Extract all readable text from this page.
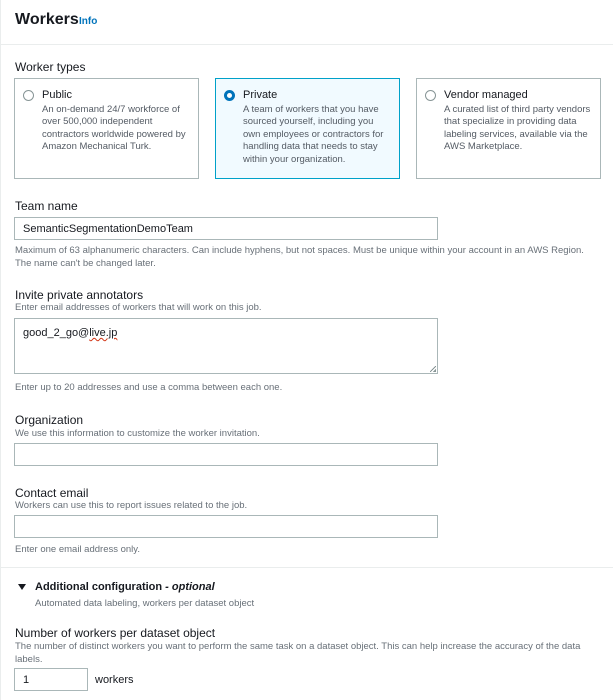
Workers Info
Worker types
Public
An on-demand 24/7 workforce of over 500,000 independent contractors worldwide powered by Amazon Mechanical Turk.
Private
A team of workers that you have sourced yourself, including you own employees or contractors for handling data that needs to stay within your organization.
Vendor managed
A curated list of third party vendors that specialize in providing data labeling services, available via the AWS Marketplace.
Team name
SemanticSegmentationDemoTeam
Maximum of 63 alphanumeric characters. Can include hyphens, but not spaces. Must be unique within your account in an AWS Region. The name can't be changed later.
Invite private annotators
Enter email addresses of workers that will work on this job.
good_2_go@live.jp
Enter up to 20 addresses and use a comma between each one.
Organization
We use this information to customize the worker invitation.
Contact email
Workers can use this to report issues related to the job.
Enter one email address only.
Additional configuration - optional
Automated data labeling, workers per dataset object
Number of workers per dataset object
The number of distinct workers you want to perform the same task on a dataset object. This can help increase the accuracy of the data labels.
1	workers
